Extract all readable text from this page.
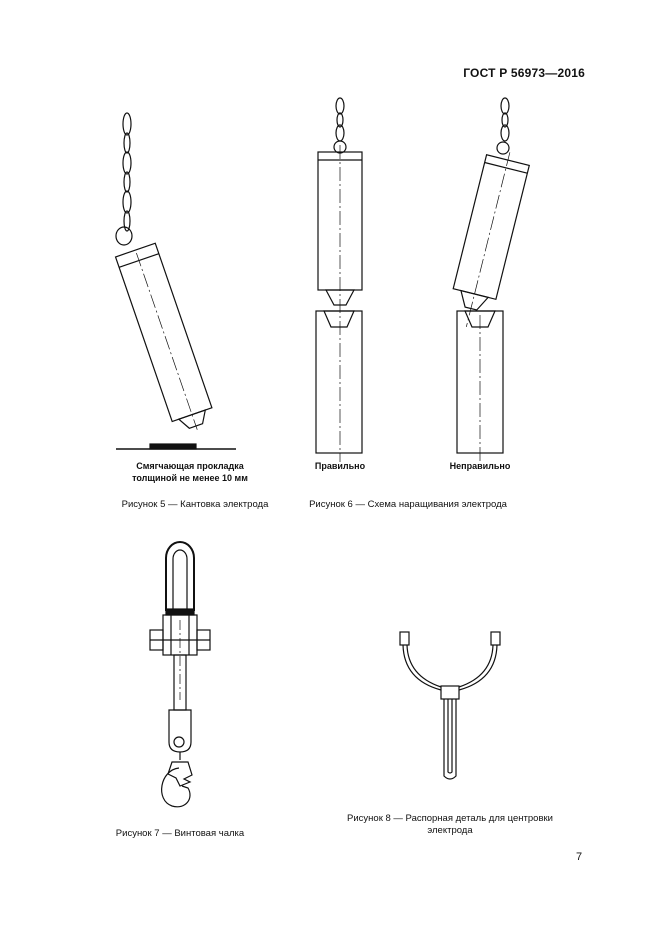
ГОСТ Р 56973—2016
Смягчающая прокладка
толщиной не менее 10 мм
Рисунок 5 — Кантовка электрода
Правильно	Неправильно
Рисунок 6 — Схема наращивания электрода
Рисунок 7 — Винтовая чалка
Рисунок 8 — Распорная деталь для центровки
электрода
7
